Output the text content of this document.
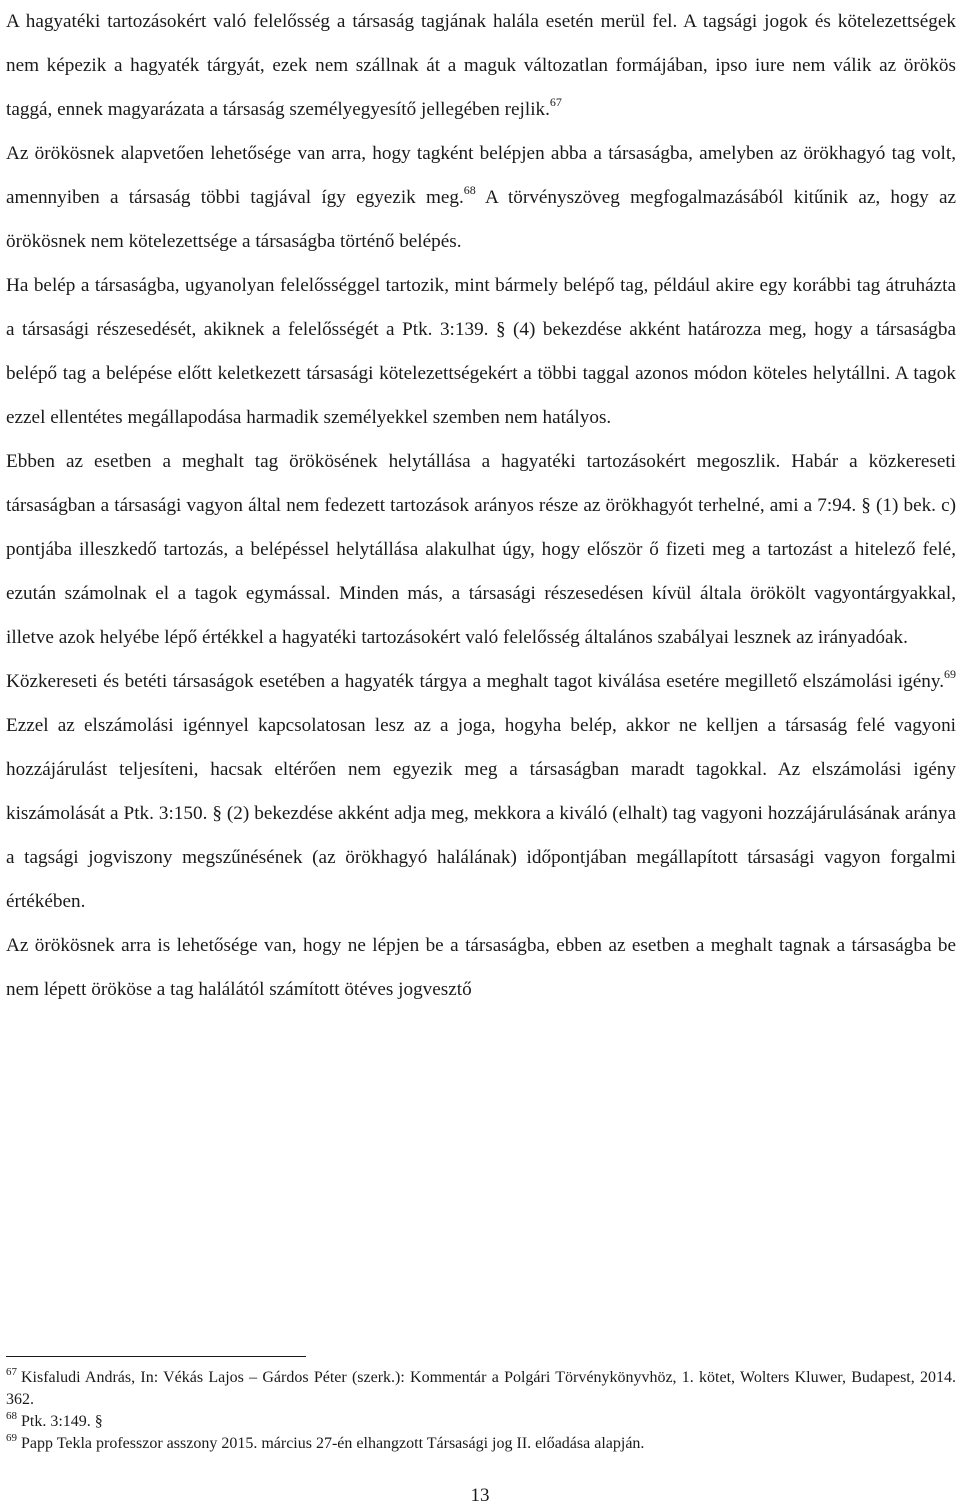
A hagyatéki tartozásokért való felelősség a társaság tagjának halála esetén merül fel. A tagsági jogok és kötelezettségek nem képezik a hagyaték tárgyát, ezek nem szállnak át a maguk változatlan formájában, ipso iure nem válik az örökös taggá, ennek magyarázata a társaság személyegyesítő jellegében rejlik.$^{67}$

Az örökösnek alapvetően lehetősége van arra, hogy tagként belépjen abba a társaságba, amelyben az örökhagyó tag volt, amennyiben a társaság többi tagjával így egyezik meg.$^{68}$ A törvényszöveg megfogalmazásából kitűnik az, hogy az örökösnek nem kötelezettsége a társaságba történő belépés.

Ha belép a társaságba, ugyanolyan felelősséggel tartozik, mint bármely belépő tag, például akire egy korábbi tag átruházta a társasági részesedését, akiknek a felelősségét a Ptk. 3:139. § (4) bekezdése akként határozza meg, hogy a társaságba belépő tag a belépése előtt keletkezett társasági kötelezettségekért a többi taggal azonos módon köteles helytállni. A tagok ezzel ellentétes megállapodása harmadik személyekkel szemben nem hatályos.

Ebben az esetben a meghalt tag örökösének helytállása a hagyatéki tartozásokért megoszlik. Habár a közkereseti társaságban a társasági vagyon által nem fedezett tartozások arányos része az örökhagyót terhelné, ami a 7:94. § (1) bek. c) pontjába illeszkedő tartozás, a belépéssel helytállása alakulhat úgy, hogy először ő fizeti meg a tartozást a hitelező felé, ezután számolnak el a tagok egymással. Minden más, a társasági részesedésen kívül általa örökölt vagyontárgyakkal, illetve azok helyébe lépő értékkel a hagyatéki tartozásokért való felelősség általános szabályai lesznek az irányadóak.

Közkereseti és betéti társaságok esetében a hagyaték tárgya a meghalt tagot kiválása esetére megillető elszámolási igény.$^{69}$ Ezzel az elszámolási igénnyel kapcsolatosan lesz az a joga, hogyha belép, akkor ne kelljen a társaság felé vagyoni hozzájárulást teljesíteni, hacsak eltérően nem egyezik meg a társaságban maradt tagokkal. Az elszámolási igény kiszámolását a Ptk. 3:150. § (2) bekezdése akként adja meg, mekkora a kiváló (elhalt) tag vagyoni hozzájárulásának aránya a tagsági jogviszony megszűnésének (az örökhagyó halálának) időpontjában megállapított társasági vagyon forgalmi értékében.

Az örökösnek arra is lehetősége van, hogy ne lépjen be a társaságba, ebben az esetben a meghalt tagnak a társaságba be nem lépett örököse a tag halálától számított ötéves jogvesztő

$^{67}$ Kisfaludi András, In: Vékás Lajos – Gárdos Péter (szerk.): Kommentár a Polgári Törvénykönyvhöz, 1. kötet, Wolters Kluwer, Budapest, 2014. 362.

$^{68}$ Ptk. 3:149. §

$^{69}$ Papp Tekla professzor asszony 2015. március 27-én elhangzott Társasági jog II. előadása alapján.

13
